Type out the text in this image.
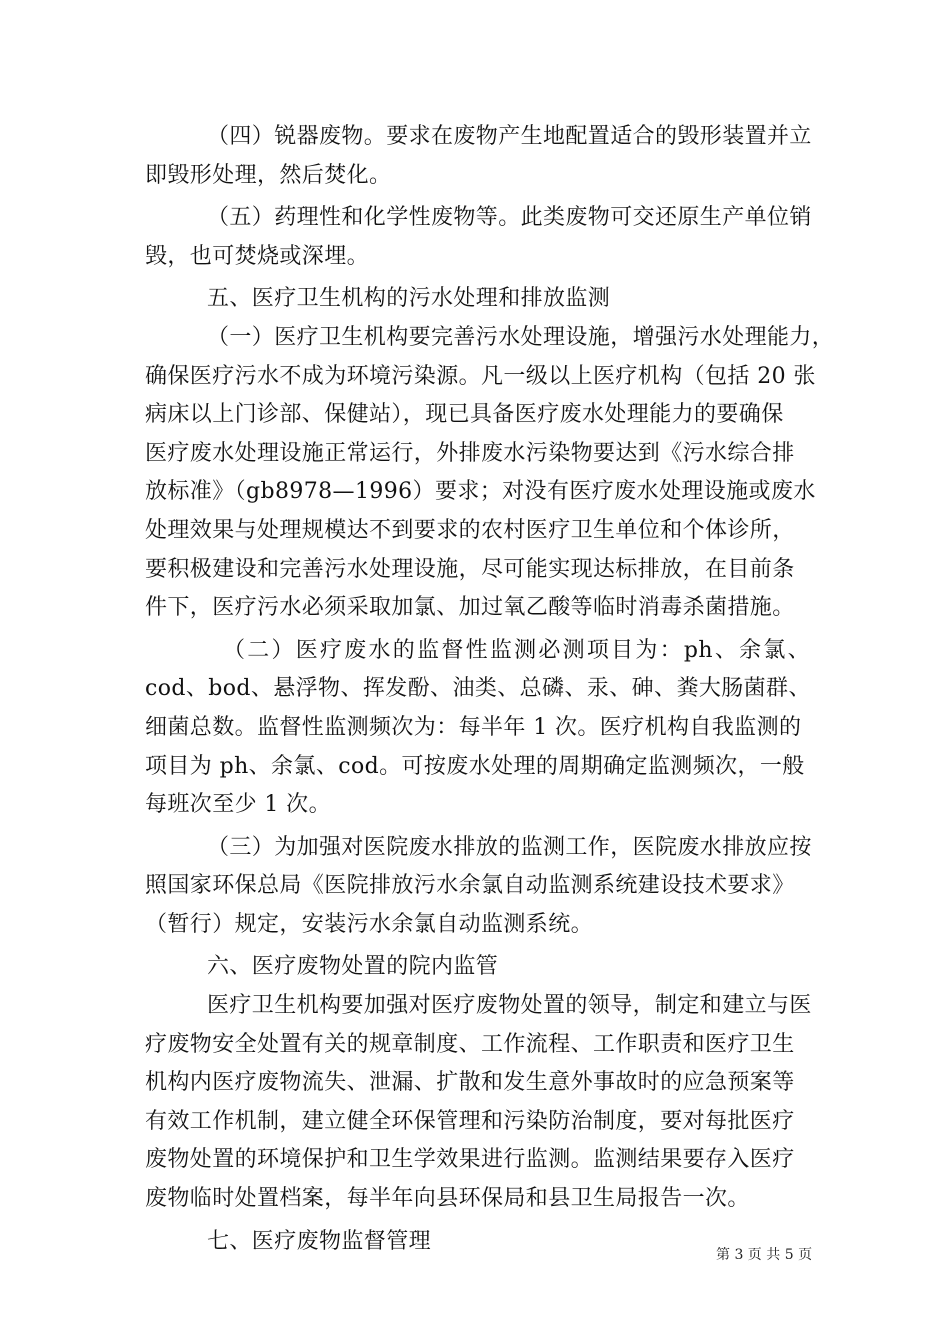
（四）锐器废物。要求在废物产生地配置适合的毁形装置并立
即毁形处理，然后焚化。
（五）药理性和化学性废物等。此类废物可交还原生产单位销
毁，也可焚烧或深埋。
五、医疗卫生机构的污水处理和排放监测
（一）医疗卫生机构要完善污水处理设施，增强污水处理能力，
确保医疗污水不成为环境污染源。凡一级以上医疗机构（包括 20 张
病床以上门诊部、保健站），现已具备医疗废水处理能力的要确保
医疗废水处理设施正常运行，外排废水污染物要达到《污水综合排
放标准》（gb8978—1996）要求；对没有医疗废水处理设施或废水
处理效果与处理规模达不到要求的农村医疗卫生单位和个体诊所，
要积极建设和完善污水处理设施，尽可能实现达标排放，在目前条
件下，医疗污水必须采取加氯、加过氧乙酸等临时消毒杀菌措施。
（二）医疗废水的监督性监测必测项目为：ph、余氯、
cod、bod、悬浮物、挥发酚、油类、总磷、汞、砷、粪大肠菌群、
细菌总数。监督性监测频次为：每半年 1 次。医疗机构自我监测的
项目为 ph、余氯、cod。可按废水处理的周期确定监测频次，一般
每班次至少 1 次。
（三）为加强对医院废水排放的监测工作，医院废水排放应按
照国家环保总局《医院排放污水余氯自动监测系统建设技术要求》
（暂行）规定，安装污水余氯自动监测系统。
六、医疗废物处置的院内监管
医疗卫生机构要加强对医疗废物处置的领导，制定和建立与医
疗废物安全处置有关的规章制度、工作流程、工作职责和医疗卫生
机构内医疗废物流失、泄漏、扩散和发生意外事故时的应急预案等
有效工作机制，建立健全环保管理和污染防治制度，要对每批医疗
废物处置的环境保护和卫生学效果进行监测。监测结果要存入医疗
废物临时处置档案，每半年向县环保局和县卫生局报告一次。
七、医疗废物监督管理
第 3 页 共 5 页
